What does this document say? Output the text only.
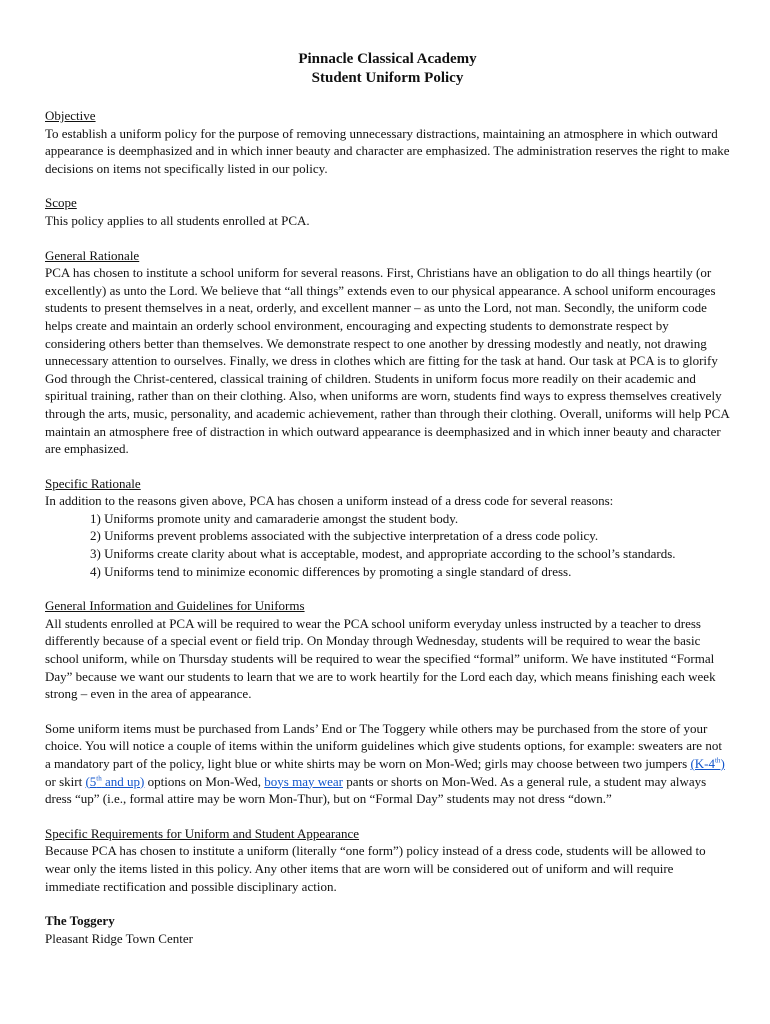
Pinnacle Classical Academy
Student Uniform Policy
Objective

To establish a uniform policy for the purpose of removing unnecessary distractions, maintaining an atmosphere in which outward appearance is deemphasized and in which inner beauty and character are emphasized. The administration reserves the right to make decisions on items not specifically listed in our policy.

Scope

This policy applies to all students enrolled at PCA.

General Rationale

PCA has chosen to institute a school uniform for several reasons. First, Christians have an obligation to do all things heartily (or excellently) as unto the Lord. We believe that “all things” extends even to our physical appearance. A school uniform encourages students to present themselves in a neat, orderly, and excellent manner – as unto the Lord, not man. Secondly, the uniform code helps create and maintain an orderly school environment, encouraging and expecting students to demonstrate respect by considering others better than themselves. We demonstrate respect to one another by dressing modestly and neatly, not drawing unnecessary attention to ourselves. Finally, we dress in clothes which are fitting for the task at hand. Our task at PCA is to glorify God through the Christ-centered, classical training of children. Students in uniform focus more readily on their academic and spiritual training, rather than on their clothing. Also, when uniforms are worn, students find ways to express themselves creatively through the arts, music, personality, and academic achievement, rather than through their clothing. Overall, uniforms will help PCA maintain an atmosphere free of distraction in which outward appearance is deemphasized and in which inner beauty and character are emphasized.

Specific Rationale

In addition to the reasons given above, PCA has chosen a uniform instead of a dress code for several reasons:

1) Uniforms promote unity and camaraderie amongst the student body.
2) Uniforms prevent problems associated with the subjective interpretation of a dress code policy.
3) Uniforms create clarity about what is acceptable, modest, and appropriate according to the school’s standards.
4) Uniforms tend to minimize economic differences by promoting a single standard of dress.
General Information and Guidelines for Uniforms

All students enrolled at PCA will be required to wear the PCA school uniform everyday unless instructed by a teacher to dress differently because of a special event or field trip. On Monday through Wednesday, students will be required to wear the basic school uniform, while on Thursday students will be required to wear the specified “formal” uniform. We have instituted “Formal Day” because we want our students to learn that we are to work heartily for the Lord each day, which means finishing each week strong – even in the area of appearance.

Some uniform items must be purchased from Lands’ End or The Toggery while others may be purchased from the store of your choice. You will notice a couple of items within the uniform guidelines which give students options, for example: sweaters are not a mandatory part of the policy, light blue or white shirts may be worn on Mon-Wed; girls may choose between two jumpers (K-4th) or skirt (5th and up) options on Mon-Wed, boys may wear pants or shorts on Mon-Wed. As a general rule, a student may always dress “up” (i.e., formal attire may be worn Mon-Thur), but on “Formal Day” students may not dress “down.”

Specific Requirements for Uniform and Student Appearance

Because PCA has chosen to institute a uniform (literally “one form”) policy instead of a dress code, students will be allowed to wear only the items listed in this policy. Any other items that are worn will be considered out of uniform and will require immediate rectification and possible disciplinary action.

The Toggery
Pleasant Ridge Town Center
